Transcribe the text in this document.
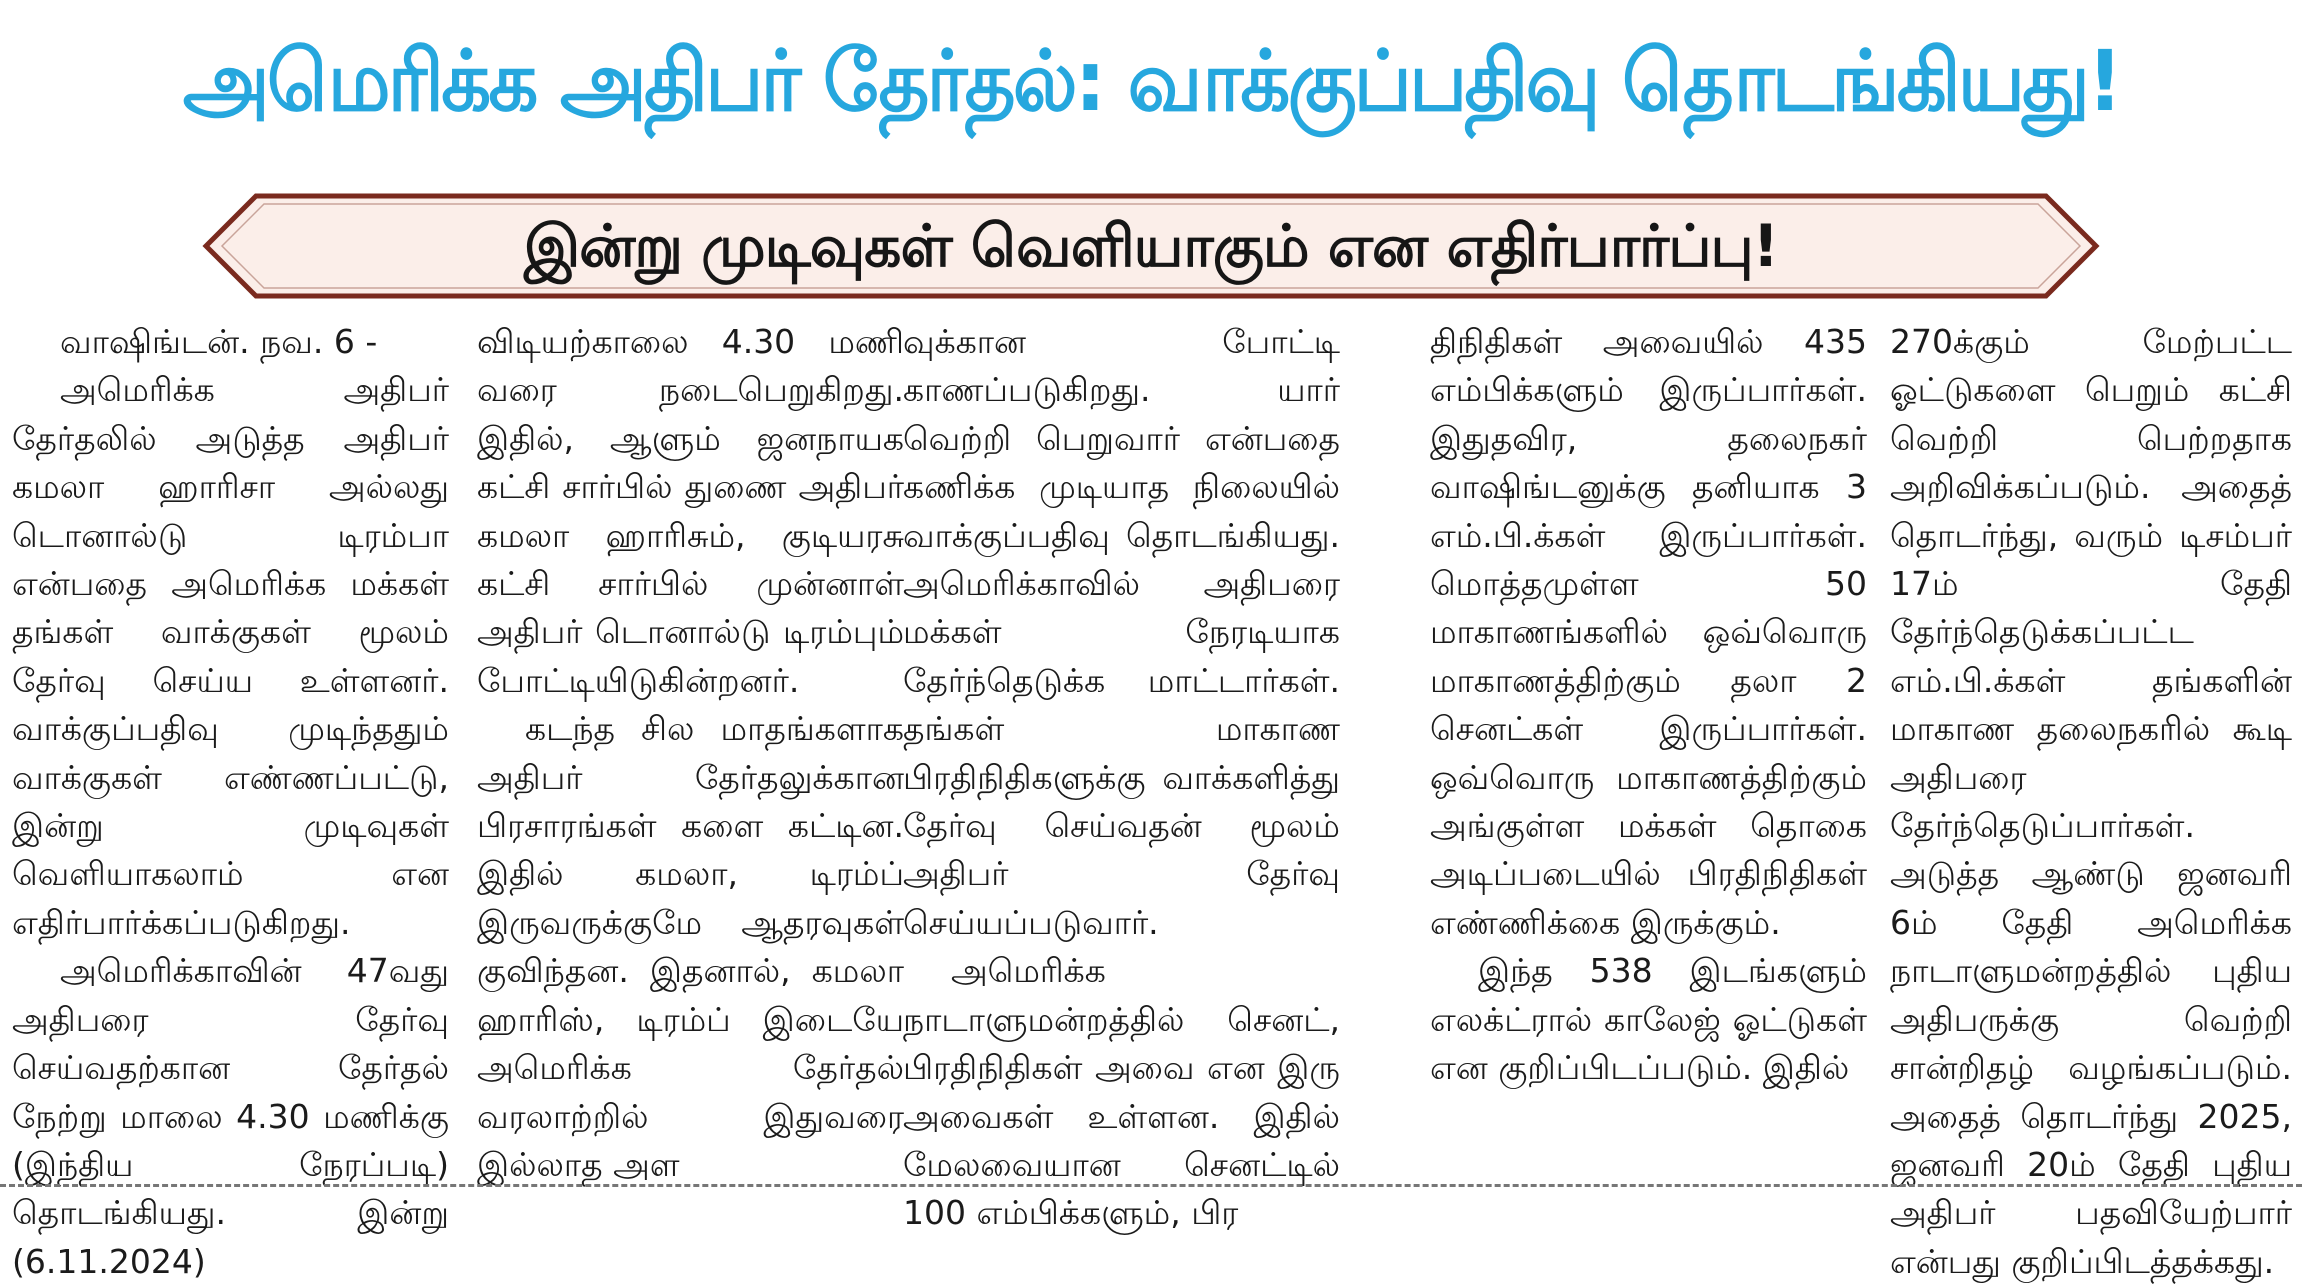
அமெரிக்க அதிபர் தேர்தல்: வாக்குப்பதிவு தொடங்கியது!
இன்று முடிவுகள் வெளியாகும் என எதிர்பார்ப்பு!

வாஷிங்டன். நவ. 6 -

அமெரிக்க அதிபர் தேர்தலில் அடுத்த அதிபர் கமலா ஹாரிசா அல்லது டொனால்டு டிரம்பா என்பதை அமெரிக்க மக்கள் தங்கள் வாக்குகள் மூலம் தேர்வு செய்ய உள்ளனர். வாக்குப்பதிவு முடிந்ததும் வாக்குகள் எண்ணப்பட்டு, இன்று முடிவுகள் வெளியாகலாம் என எதிர்பார்க்கப்படுகிறது.

அமெரிக்காவின் 47வது அதிபரை தேர்வு செய்வதற்கான தேர்தல் நேற்று மாலை 4.30 மணிக்கு (இந்திய நேரப்படி) தொடங்கியது. இன்று (6.11.2024)

விடியற்காலை 4.30 மணி வரை நடைபெறுகிறது. இதில், ஆளும் ஜனநாயக கட்சி சார்பில் துணை அதிபர் கமலா ஹாரிசும், குடியரசு கட்சி சார்பில் முன்னாள் அதிபர் டொனால்டு டிரம்பும் போட்டியிடுகின்றனர்.

கடந்த சில மாதங்களாக அதிபர் தேர்தலுக்கான பிரசாரங்கள் களை கட்டின. இதில் கமலா, டிரம்ப் இருவருக்குமே ஆதரவுகள் குவிந்தன. இதனால், கமலா ஹாரிஸ், டிரம்ப் இடையே அமெரிக்க தேர்தல் வரலாற்றில் இதுவரை இல்லாத அள

வுக்கான போட்டி காணப்படுகிறது. யார் வெற்றி பெறுவார் என்பதை கணிக்க முடியாத நிலையில் வாக்குப்பதிவு தொடங்கியது. அமெரிக்காவில் அதிபரை மக்கள் நேரடியாக தேர்ந்தெடுக்க மாட்டார்கள். தங்கள் மாகாண பிரதிநிதிகளுக்கு வாக்களித்து தேர்வு செய்வதன் மூலம் அதிபர் தேர்வு செய்யப்படுவார்.

அமெரிக்க நாடாளுமன்றத்தில் செனட், பிரதிநிதிகள் அவை என இரு அவைகள் உள்ளன. இதில் மேலவையான செனட்டில் 100 எம்பிக்களும், பிர

திநிதிகள் அவையில் 435 எம்பிக்களும் இருப்பார்கள். இதுதவிர, தலைநகர் வாஷிங்டனுக்கு தனியாக 3 எம்.பி.க்கள் இருப்பார்கள். மொத்தமுள்ள 50 மாகாணங்களில் ஒவ்வொரு மாகாணத்திற்கும் தலா 2 செனட்கள் இருப்பார்கள். ஒவ்வொரு மாகாணத்திற்கும் அங்குள்ள மக்கள் தொகை அடிப்படையில் பிரதிநிதிகள் எண்ணிக்கை இருக்கும்.

இந்த 538 இடங்களும் எலக்ட்ரால் காலேஜ் ஓட்டுகள் என குறிப்பிடப்படும். இதில்

270க்கும் மேற்பட்ட ஓட்டுகளை பெறும் கட்சி வெற்றி பெற்றதாக அறிவிக்கப்படும். அதைத் தொடர்ந்து, வரும் டிசம்பர் 17ம் தேதி தேர்ந்தெடுக்கப்பட்ட எம்.பி.க்கள் தங்களின் மாகாண தலைநகரில் கூடி அதிபரை தேர்ந்தெடுப்பார்கள். அடுத்த ஆண்டு ஜனவரி 6ம் தேதி அமெரிக்க நாடாளுமன்றத்தில் புதிய அதிபருக்கு வெற்றி சான்றிதழ் வழங்கப்படும். அதைத் தொடர்ந்து 2025, ஜனவரி 20ம் தேதி புதிய அதிபர் பதவியேற்பார் என்பது குறிப்பிடத்தக்கது.
